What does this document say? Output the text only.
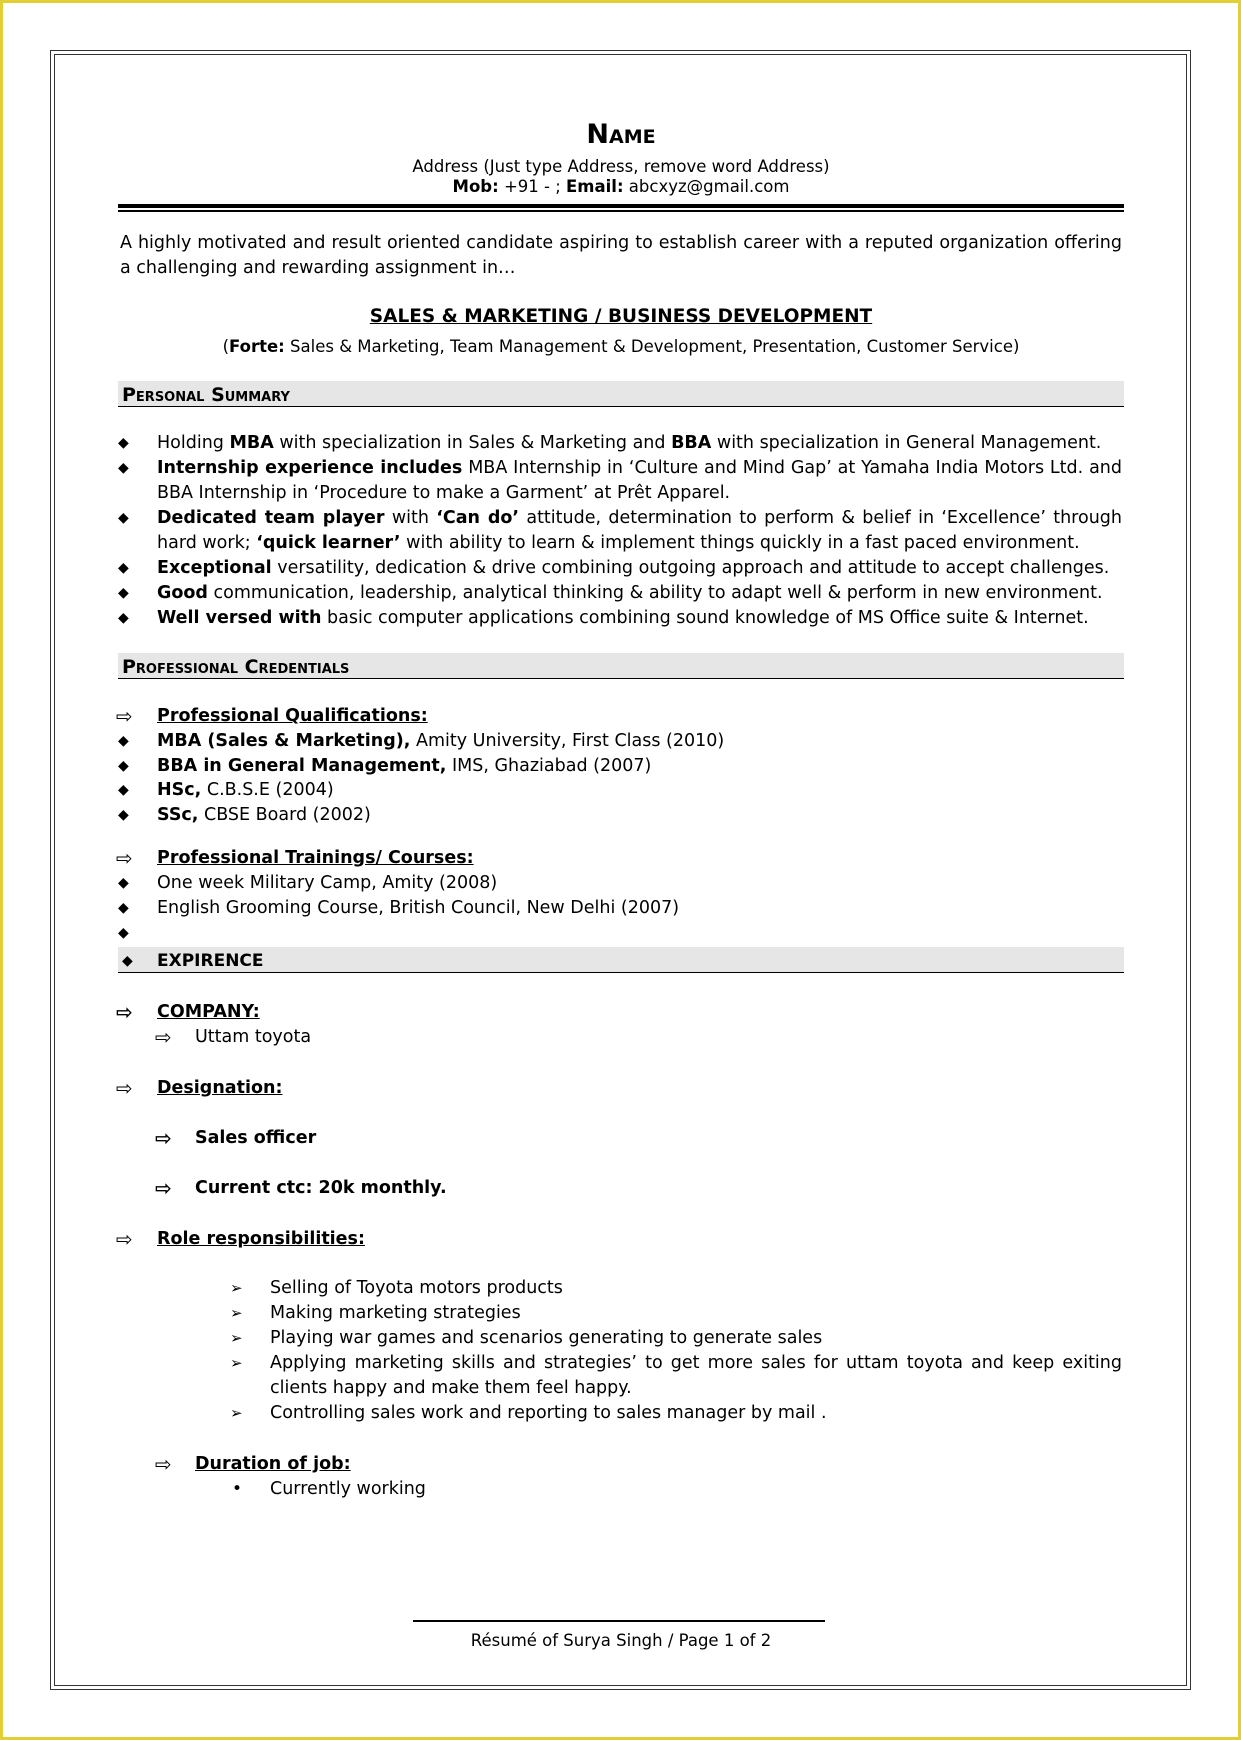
Name
Address (Just type Address, remove word Address)
Mob: +91 - ; Email: abcxyz@gmail.com
A highly motivated and result oriented candidate aspiring to establish career with a reputed organization offering a challenging and rewarding assignment in…
SALES & MARKETING / BUSINESS DEVELOPMENT
(Forte: Sales & Marketing, Team Management & Development, Presentation, Customer Service)
Personal Summary
◆	Holding MBA with specialization in Sales & Marketing and BBA with specialization in General Management.
◆	Internship experience includes MBA Internship in ‘Culture and Mind Gap’ at Yamaha India Motors Ltd. and BBA Internship in ‘Procedure to make a Garment’ at Prêt Apparel.
◆	Dedicated team player with ‘Can do’ attitude, determination to perform & belief in ‘Excellence’ through hard work; ‘quick learner’ with ability to learn & implement things quickly in a fast paced environment.
◆	Exceptional versatility, dedication & drive combining outgoing approach and attitude to accept challenges.
◆	Good communication, leadership, analytical thinking & ability to adapt well & perform in new environment.
◆	Well versed with basic computer applications combining sound knowledge of MS Office suite & Internet.
Professional Credentials
⇨	Professional Qualifications:
◆	MBA (Sales & Marketing), Amity University, First Class (2010)
◆	BBA in General Management, IMS, Ghaziabad (2007)
◆	HSc, C.B.S.E (2004)
◆	SSc, CBSE Board (2002)
⇨	Professional Trainings/ Courses:
◆	One week Military Camp, Amity (2008)
◆	English Grooming Course, British Council, New Delhi (2007)
◆
◆	EXPIRENCE
⇨	COMPANY:
⇨ Uttam toyota
⇨	Designation:
⇨ Sales officer
⇨ Current ctc: 20k monthly.
⇨	Role responsibilities:
➢ Selling of Toyota motors products
➢ Making marketing strategies
➢ Playing war games and scenarios generating to generate sales
➢ Applying marketing skills and strategies’ to get more sales for uttam toyota and keep exiting clients happy and make them feel happy.
➢ Controlling sales work and reporting to sales manager by mail .
⇨ Duration of job:
• Currently working
Résumé of Surya Singh / Page 1 of 2
